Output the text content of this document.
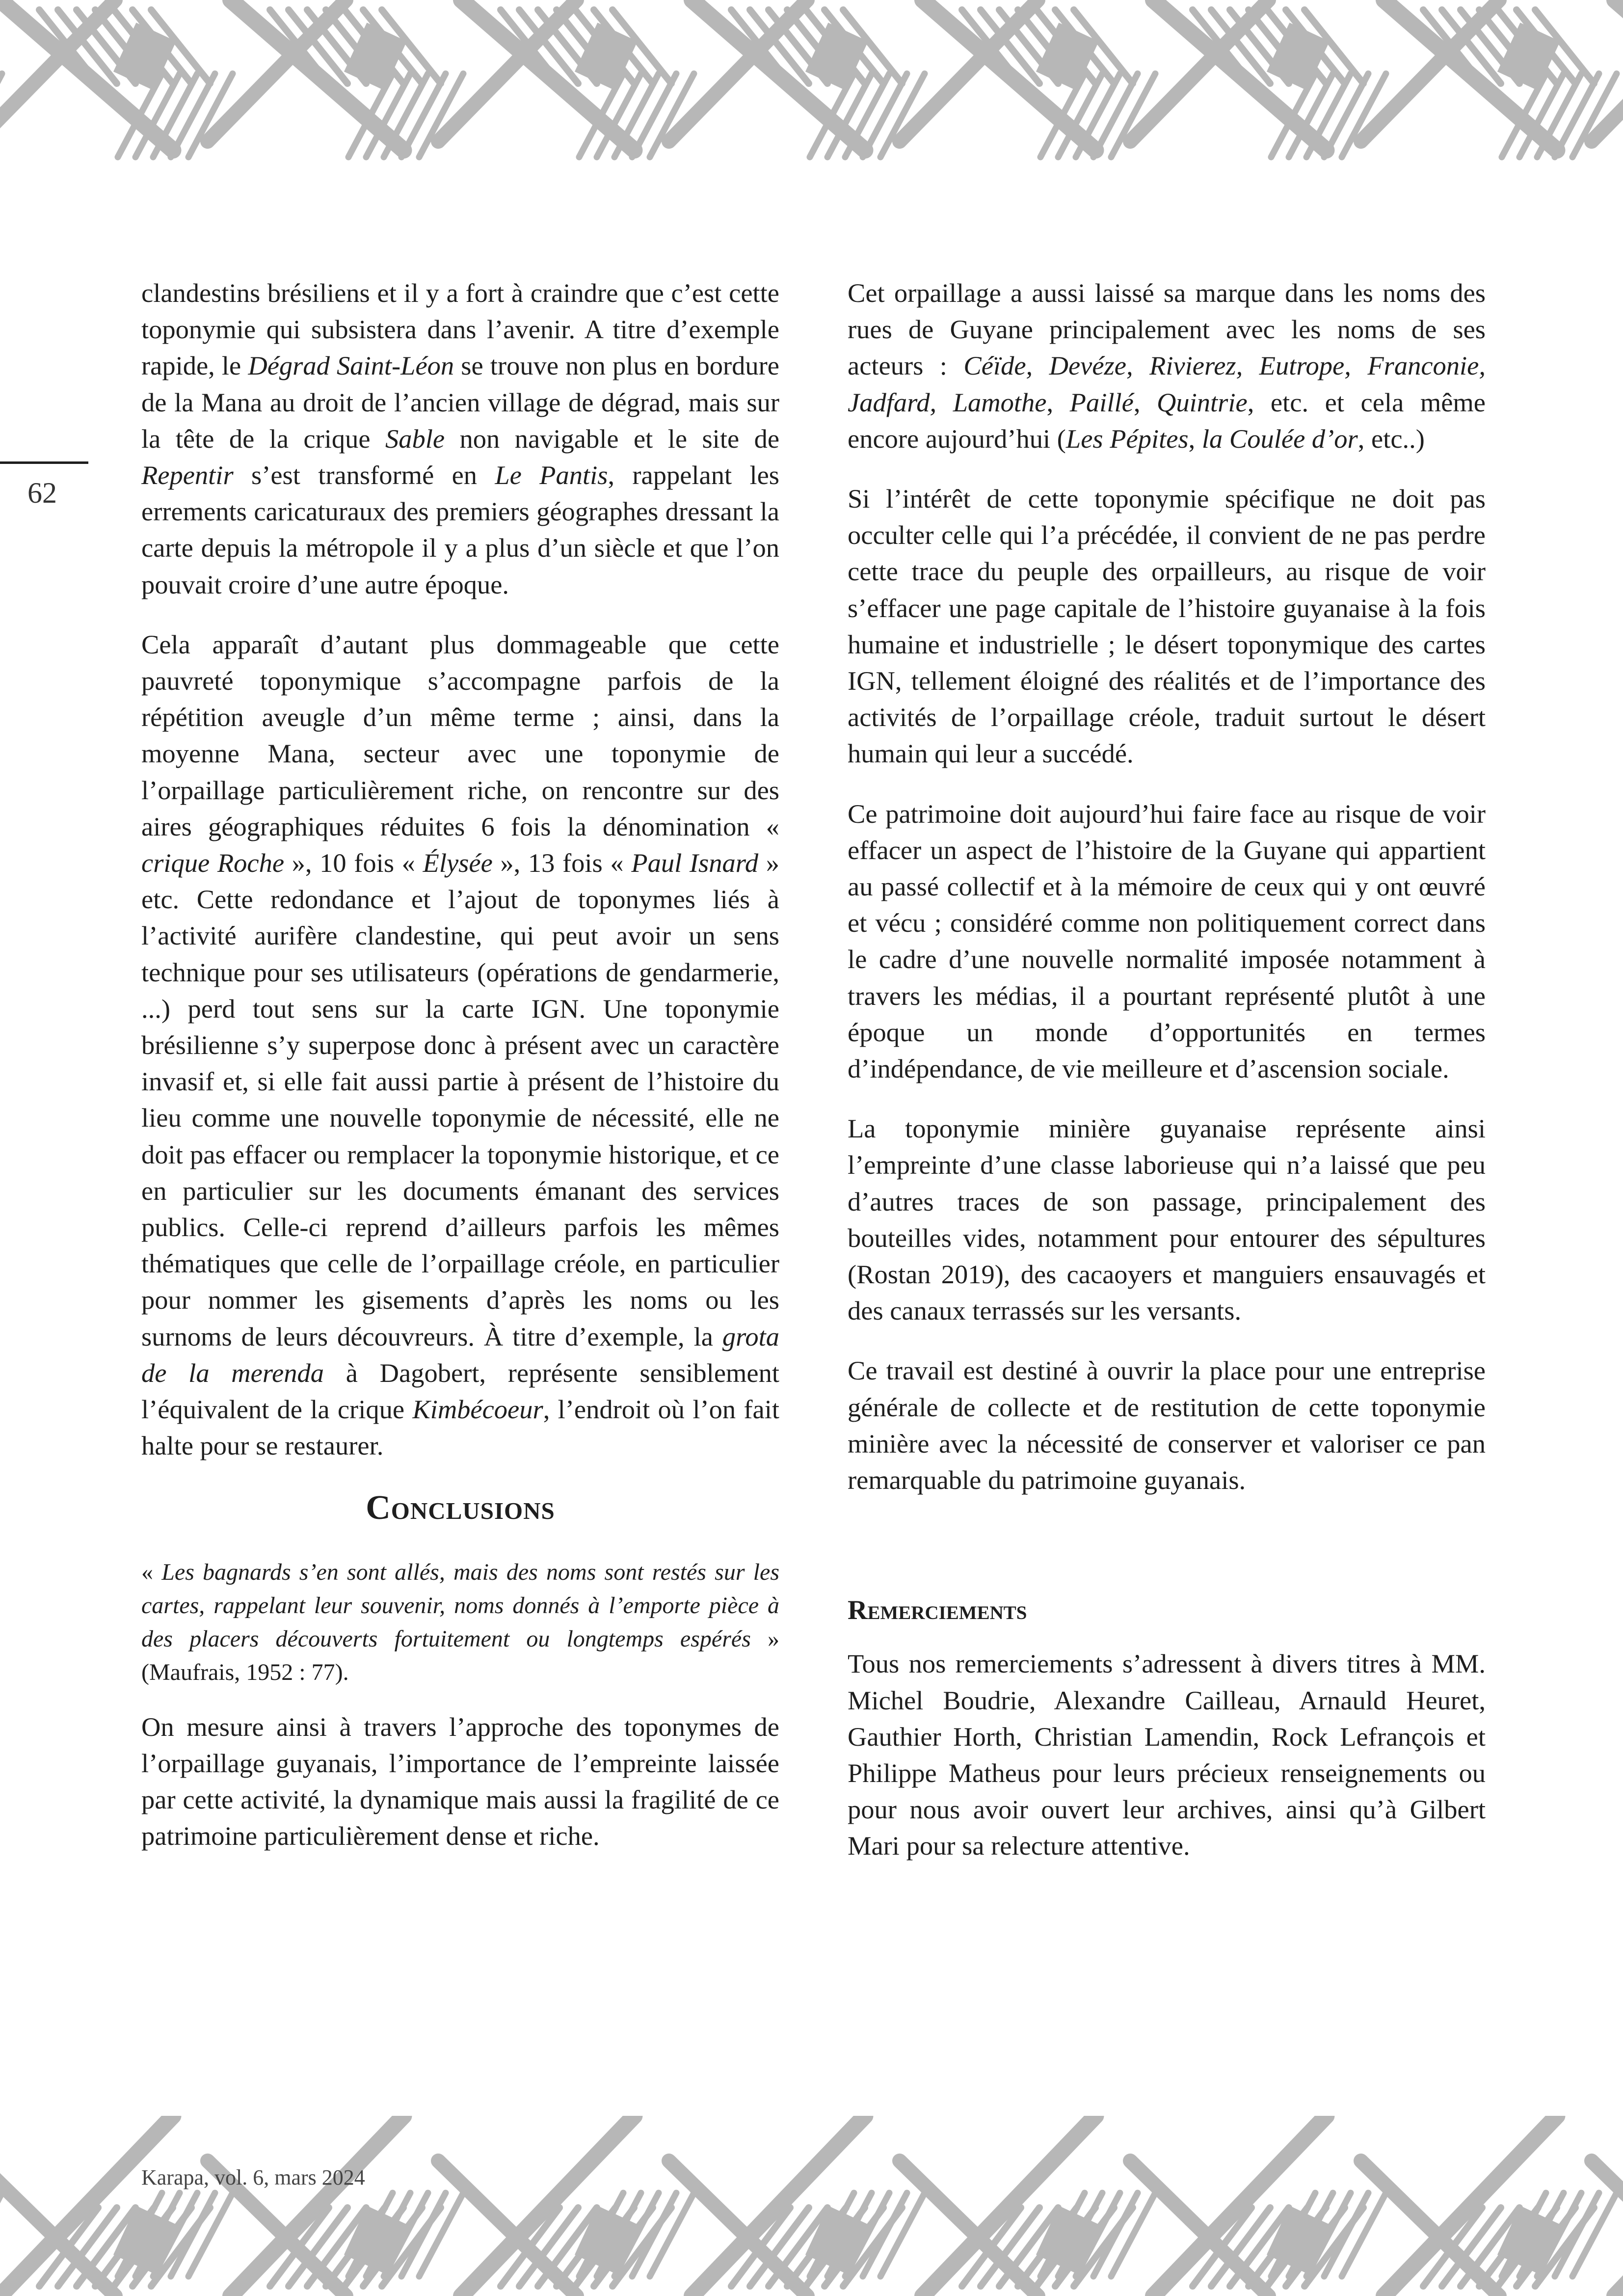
62

clandestins brésiliens et il y a fort à craindre que c’est cette toponymie qui subsistera dans l’avenir. A titre d’exemple rapide, le Dégrad Saint-Léon se trouve non plus en bordure de la Mana au droit de l’ancien village de dégrad, mais sur la tête de la crique Sable non navigable et le site de Repentir s’est transformé en Le Pantis, rappelant les errements caricaturaux des premiers géographes dressant la carte depuis la métropole il y a plus d’un siècle et que l’on pouvait croire d’une autre époque.

Cela apparaît d’autant plus dommageable que cette pauvreté toponymique s’accompagne parfois de la répétition aveugle d’un même terme ; ainsi, dans la moyenne Mana, secteur avec une toponymie de l’orpaillage particulièrement riche, on rencontre sur des aires géographiques réduites 6 fois la dénomination « crique Roche », 10 fois « Élysée », 13 fois « Paul Isnard » etc. Cette redondance et l’ajout de toponymes liés à l’activité aurifère clandestine, qui peut avoir un sens technique pour ses utilisateurs (opérations de gendarmerie, ...) perd tout sens sur la carte IGN. Une toponymie brésilienne s’y superpose donc à présent avec un caractère invasif et, si elle fait aussi partie à présent de l’histoire du lieu comme une nouvelle toponymie de nécessité, elle ne doit pas effacer ou remplacer la toponymie historique, et ce en particulier sur les documents émanant des services publics. Celle-ci reprend d’ailleurs parfois les mêmes thématiques que celle de l’orpaillage créole, en particulier pour nommer les gisements d’après les noms ou les surnoms de leurs découvreurs. À titre d’exemple, la grota de la merenda à Dagobert, représente sensiblement l’équivalent de la crique Kimbécoeur, l’endroit où l’on fait halte pour se restaurer.

Conclusions

« Les bagnards s’en sont allés, mais des noms sont restés sur les cartes, rappelant leur souvenir, noms donnés à l’emporte pièce à des placers découverts fortuitement ou longtemps espérés » (Maufrais, 1952 : 77).

On mesure ainsi à travers l’approche des toponymes de l’orpaillage guyanais, l’importance de l’empreinte laissée par cette activité, la dynamique mais aussi la fragilité de ce patrimoine particulièrement dense et riche.

Cet orpaillage a aussi laissé sa marque dans les noms des rues de Guyane principalement avec les noms de ses acteurs : Céïde, Devéze, Rivierez, Eutrope, Franconie, Jadfard, Lamothe, Paillé, Quintrie, etc. et cela même encore aujourd’hui (Les Pépites, la Coulée d’or, etc..)

Si l’intérêt de cette toponymie spécifique ne doit pas occulter celle qui l’a précédée, il convient de ne pas perdre cette trace du peuple des orpailleurs, au risque de voir s’effacer une page capitale de l’histoire guyanaise à la fois humaine et industrielle ; le désert toponymique des cartes IGN, tellement éloigné des réalités et de l’importance des activités de l’orpaillage créole, traduit surtout le désert humain qui leur a succédé.

Ce patrimoine doit aujourd’hui faire face au risque de voir effacer un aspect de l’histoire de la Guyane qui appartient au passé collectif et à la mémoire de ceux qui y ont œuvré et vécu ; considéré comme non politiquement correct dans le cadre d’une nouvelle normalité imposée notamment à travers les médias, il a pourtant représenté plutôt à une époque un monde d’opportunités en termes d’indépendance, de vie meilleure et d’ascension sociale.

La toponymie minière guyanaise représente ainsi l’empreinte d’une classe laborieuse qui n’a laissé que peu d’autres traces de son passage, principalement des bouteilles vides, notamment pour entourer des sépultures (Rostan 2019), des cacaoyers et manguiers ensauvagés et des canaux terrassés sur les versants.

Ce travail est destiné à ouvrir la place pour une entreprise générale de collecte et de restitution de cette toponymie minière avec la nécessité de conserver et valoriser ce pan remarquable du patrimoine guyanais.

Remerciements

Tous nos remerciements s’adressent à divers titres à MM. Michel Boudrie, Alexandre Cailleau, Arnauld Heuret, Gauthier Horth, Christian Lamendin, Rock Lefrançois et Philippe Matheus pour leurs précieux renseignements ou pour nous avoir ouvert leur archives, ainsi qu’à Gilbert Mari pour sa relecture attentive.

Karapa, vol. 6, mars 2024
